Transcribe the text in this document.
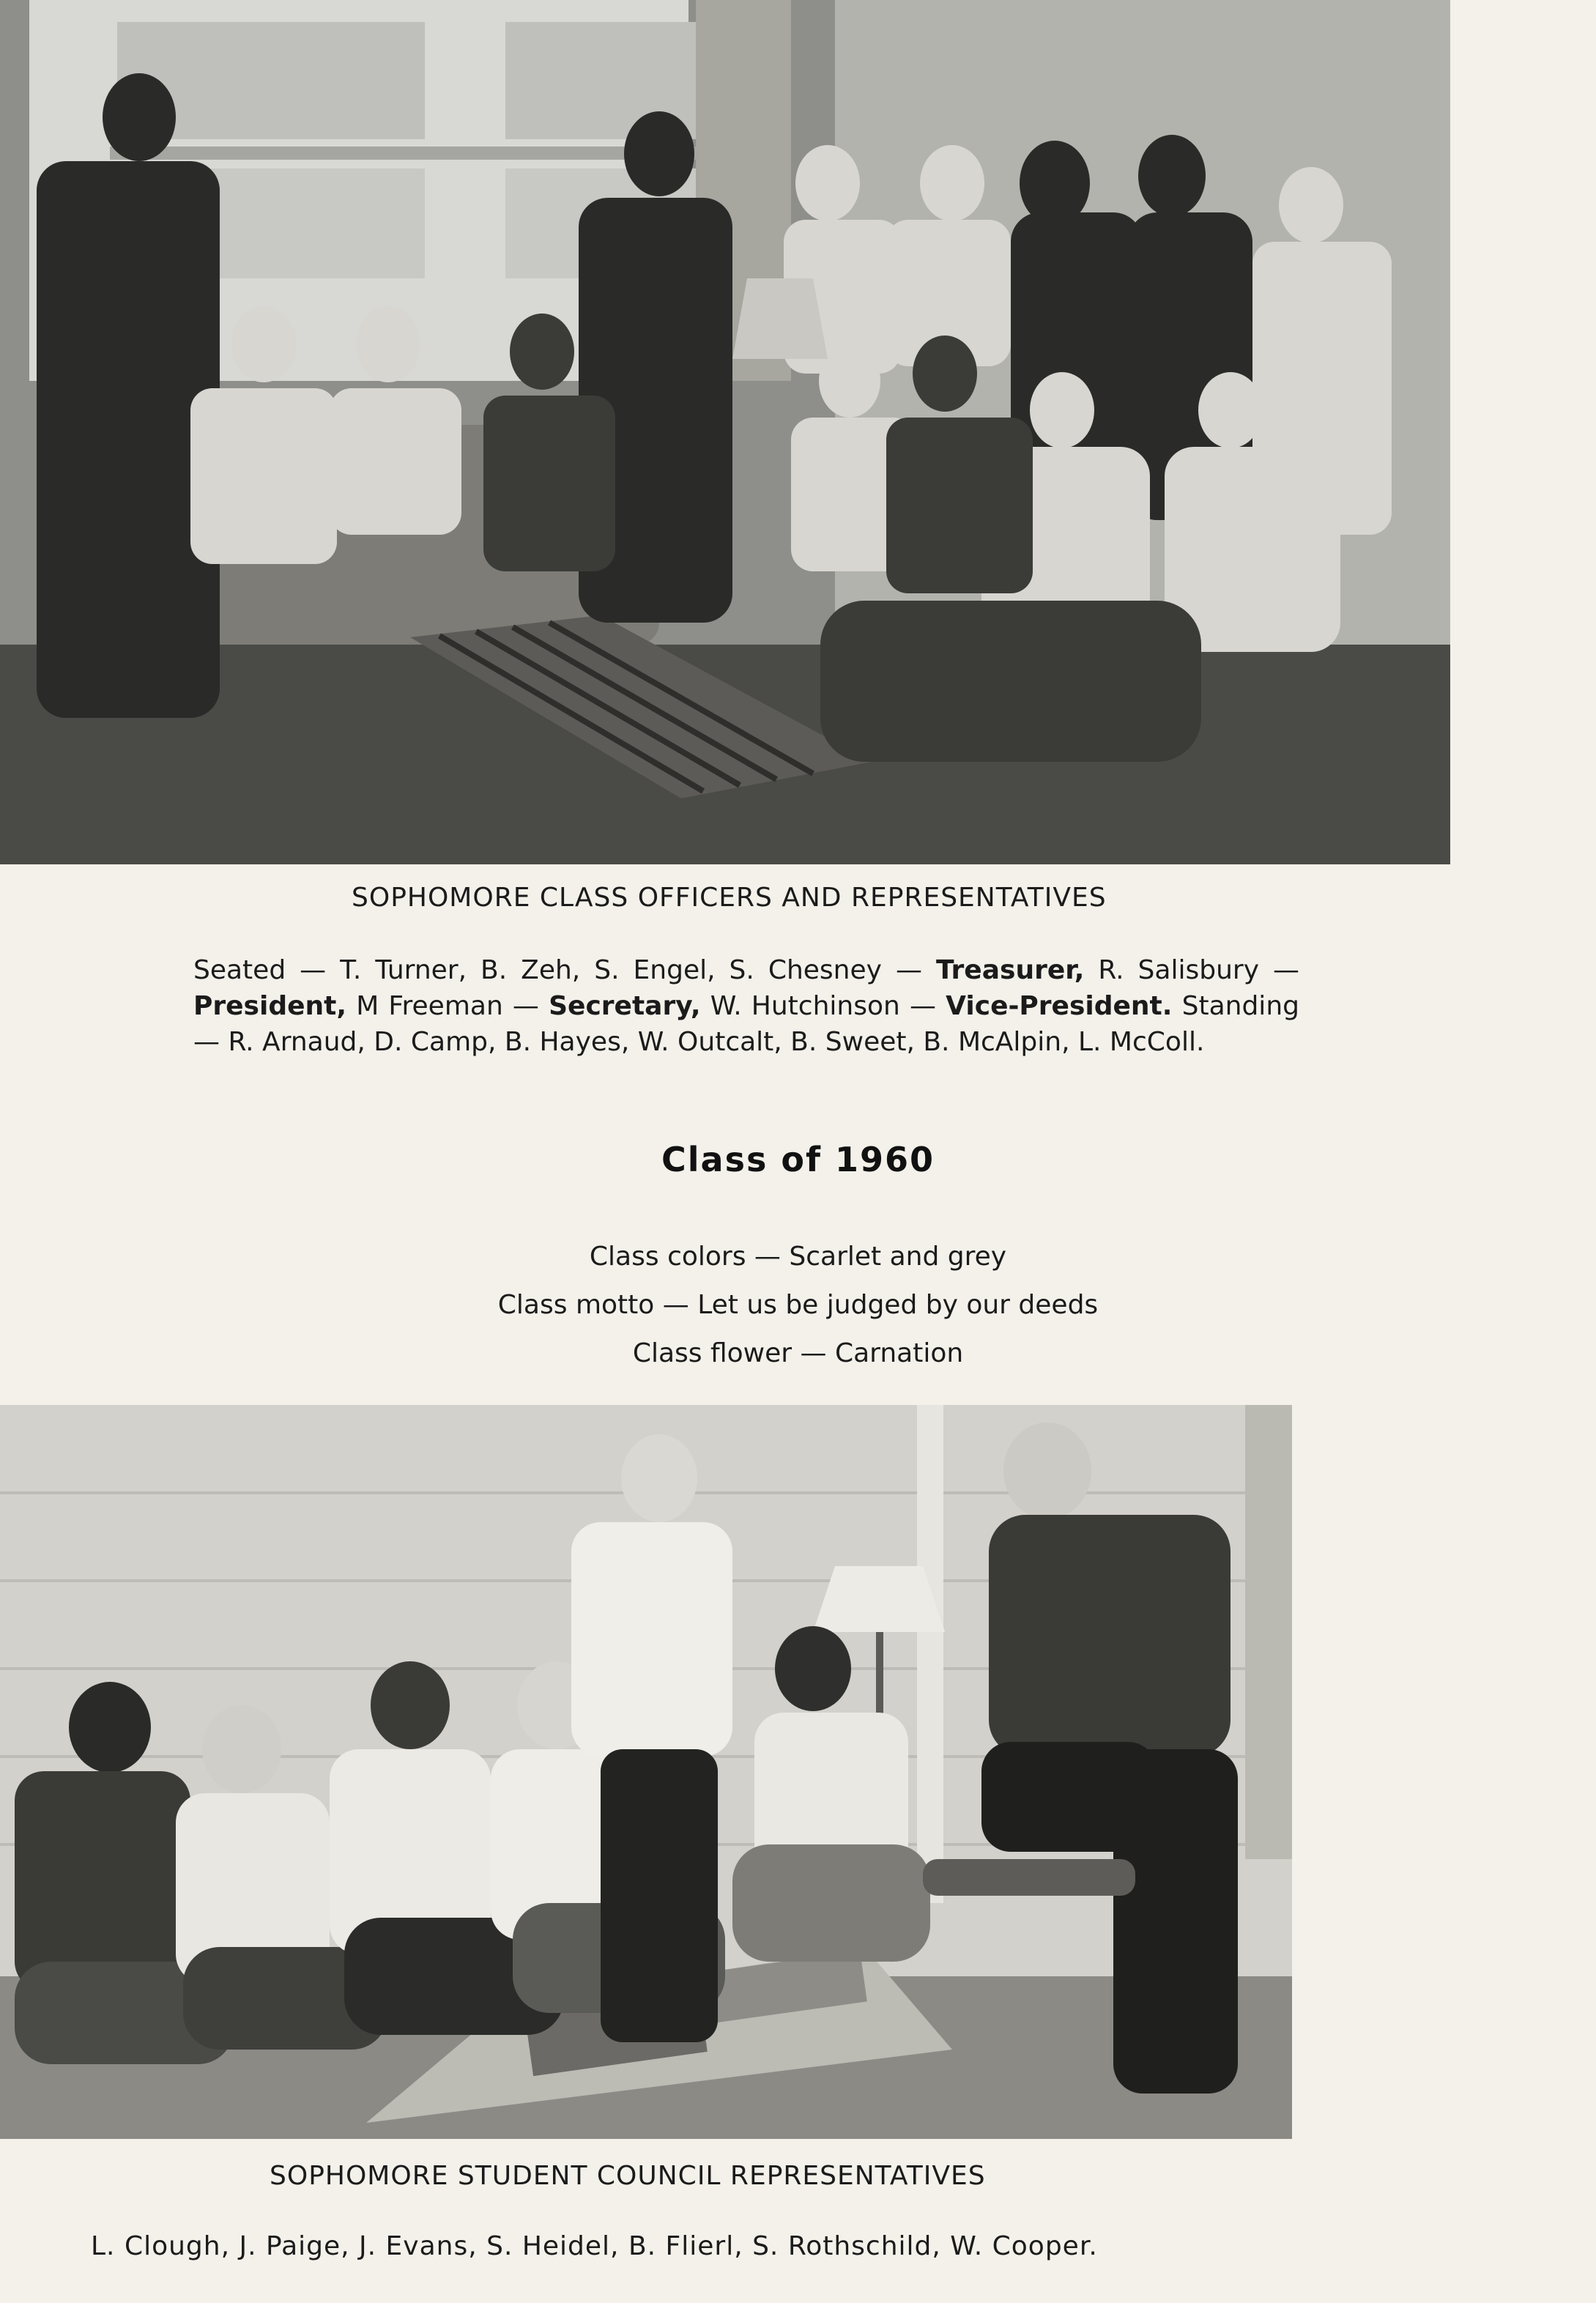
SOPHOMORE CLASS OFFICERS AND REPRESENTATIVES

Seated — T. Turner, B. Zeh, S. Engel, S. Chesney — Treasurer, R. Salisbury — President, M Freeman — Secretary, W. Hutchinson — Vice-President. Standing — R. Arnaud, D. Camp, B. Hayes, W. Outcalt, B. Sweet, B. McAlpin, L. McColl.
Class of 1960

Class colors — Scarlet and grey

Class motto — Let us be judged by our deeds

Class flower — Carnation

SOPHOMORE STUDENT COUNCIL REPRESENTATIVES

L. Clough, J. Paige, J. Evans, S. Heidel, B. Flierl, S. Rothschild, W. Cooper.
